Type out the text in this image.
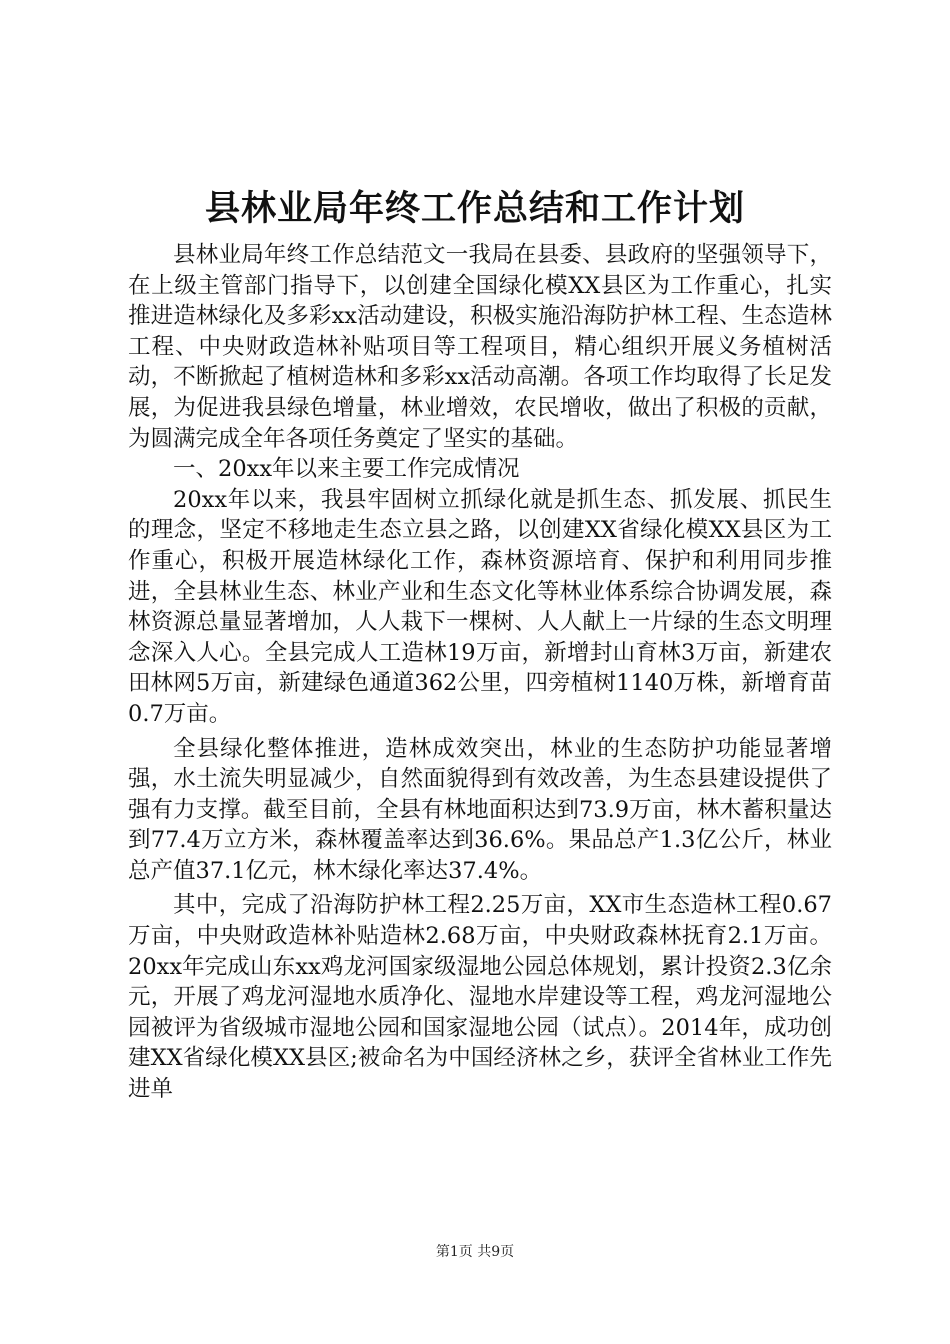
县林业局年终工作总结和工作计划

县林业局年终工作总结范文一我局在县委、县政府的坚强领导下，在上级主管部门指导下，以创建全国绿化模XX县区为工作重心，扎实推进造林绿化及多彩xx活动建设，积极实施沿海防护林工程、生态造林工程、中央财政造林补贴项目等工程项目，精心组织开展义务植树活动，不断掀起了植树造林和多彩xx活动高潮。各项工作均取得了长足发展，为促进我县绿色增量，林业增效，农民增收，做出了积极的贡献，为圆满完成全年各项任务奠定了坚实的基础。

一、20xx年以来主要工作完成情况

20xx年以来，我县牢固树立抓绿化就是抓生态、抓发展、抓民生的理念，坚定不移地走生态立县之路，以创建XX省绿化模XX县区为工作重心，积极开展造林绿化工作，森林资源培育、保护和利用同步推进，全县林业生态、林业产业和生态文化等林业体系综合协调发展，森林资源总量显著增加，人人栽下一棵树、人人献上一片绿的生态文明理念深入人心。全县完成人工造林19万亩，新增封山育林3万亩，新建农田林网5万亩，新建绿色通道362公里，四旁植树1140万株，新增育苗0.7万亩。

全县绿化整体推进，造林成效突出，林业的生态防护功能显著增强，水土流失明显减少，自然面貌得到有效改善，为生态县建设提供了强有力支撑。截至目前，全县有林地面积达到73.9万亩，林木蓄积量达到77.4万立方米，森林覆盖率达到36.6%。果品总产1.3亿公斤，林业总产值37.1亿元，林木绿化率达37.4%。

其中，完成了沿海防护林工程2.25万亩，XX市生态造林工程0.67万亩，中央财政造林补贴造林2.68万亩，中央财政森林抚育2.1万亩。20xx年完成山东xx鸡龙河国家级湿地公园总体规划，累计投资2.3亿余元，开展了鸡龙河湿地水质净化、湿地水岸建设等工程，鸡龙河湿地公园被评为省级城市湿地公园和国家湿地公园（试点）。2014年，成功创建XX省绿化模XX县区;被命名为中国经济林之乡，获评全省林业工作先进单

第1页 共9页
